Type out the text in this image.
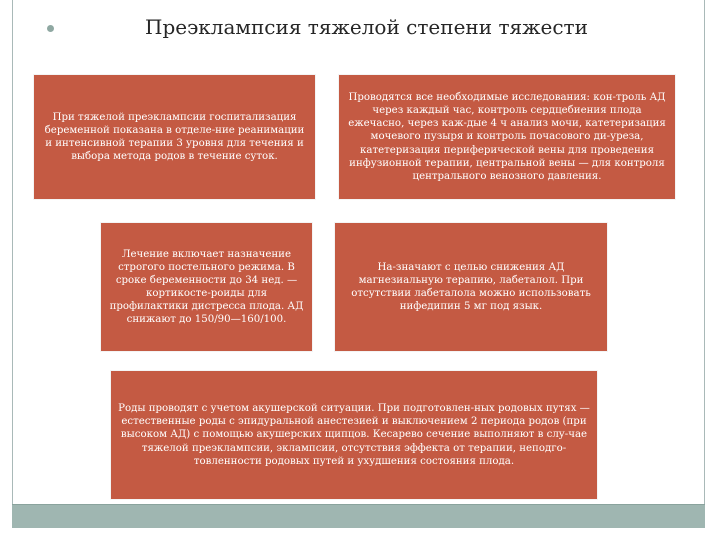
Преэклампсия тяжелой степени тяжести

При тяжелой преэклампсии госпитализация беременной показана в отделе-ние реанимации и интенсивной терапии 3 уровня для течения и выбора метода родов в течение суток.

Проводятся все необходимые исследования: кон-троль АД через каждый час, контроль сердцебиения плода ежечасно, через каж-дые 4 ч анализ мочи, катетеризация мочевого пузыря и контроль почасового ди-уреза, катетеризация периферической вены для проведения инфузионной терапии, центральной вены — для контроля центрального венозного давления.

Лечение включает назначение строгого постельного режима. В сроке беременности до 34 нед. — кортикосте-роиды для профилактики дистресса плода. АД снижают до 150/90—160/100.

На-значают с целью снижения АД магнезиальную терапию, лабеталол. При отсутствии лабеталола можно использовать нифедипин 5 мг под язык.

Роды проводят с учетом акушерской ситуации. При подготовлен-ных родовых путях — естественные роды с эпидуральной анестезией и выключением 2 периода родов (при высоком АД) с помощью акушерских щипцов. Кесарево сечение выполняют в слу-чае тяжелой преэклампсии, эклампсии, отсутствия эффекта от терапии, неподго-товленности родовых путей и ухудшения состояния плода.
